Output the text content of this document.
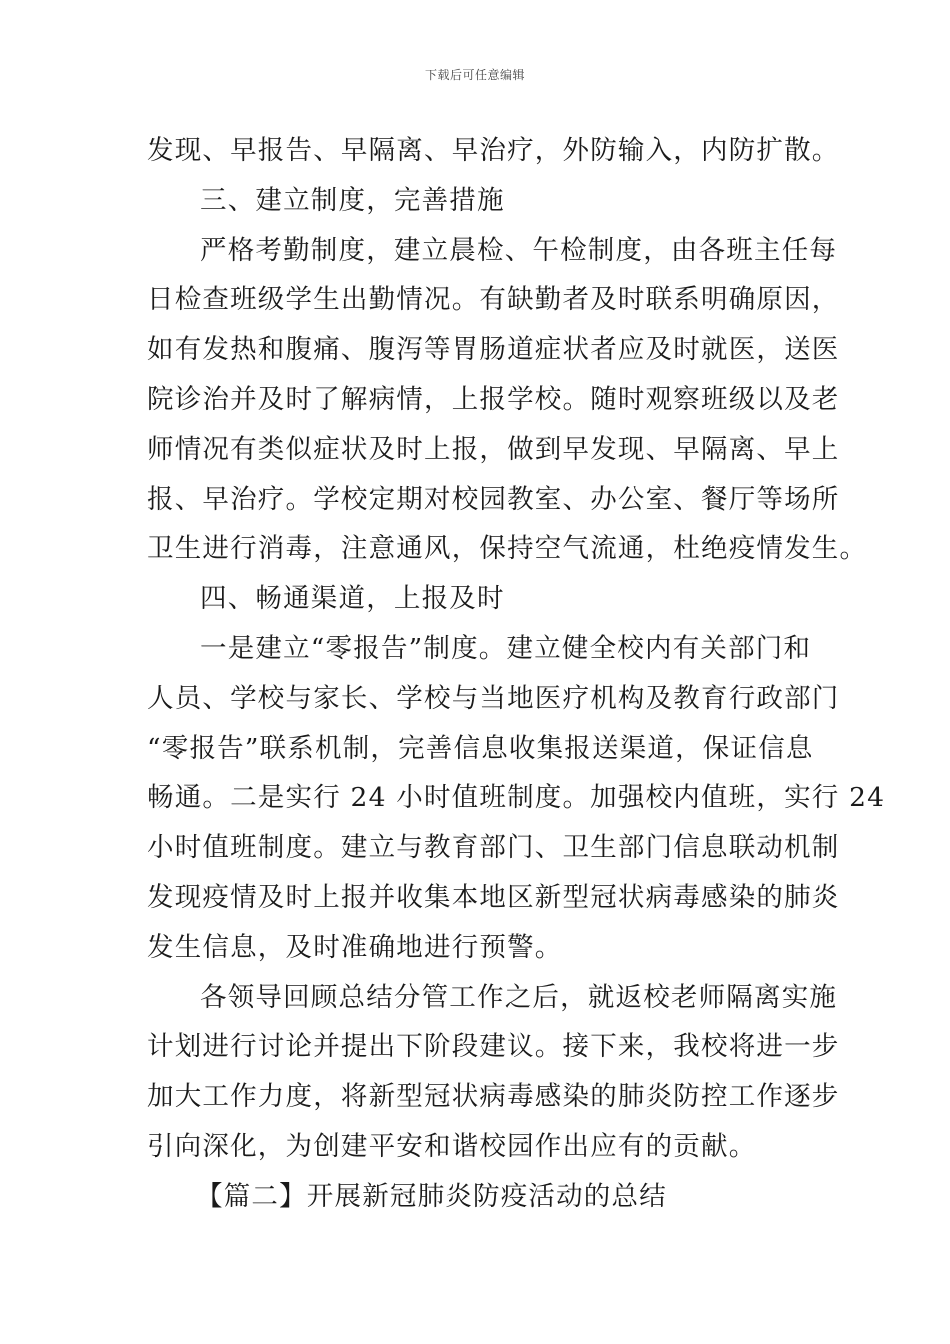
下载后可任意编辑
发现、早报告、早隔离、早治疗，外防输入，内防扩散。
三、建立制度，完善措施
严格考勤制度，建立晨检、午检制度，由各班主任每
日检查班级学生出勤情况。有缺勤者及时联系明确原因，
如有发热和腹痛、腹泻等胃肠道症状者应及时就医，送医
院诊治并及时了解病情，上报学校。随时观察班级以及老
师情况有类似症状及时上报，做到早发现、早隔离、早上
报、早治疗。学校定期对校园教室、办公室、餐厅等场所
卫生进行消毒，注意通风，保持空气流通，杜绝疫情发生。
四、畅通渠道，上报及时
一是建立“零报告”制度。建立健全校内有关部门和
人员、学校与家长、学校与当地医疗机构及教育行政部门
“零报告”联系机制，完善信息收集报送渠道，保证信息
畅通。二是实行 24 小时值班制度。加强校内值班，实行 24
小时值班制度。建立与教育部门、卫生部门信息联动机制
发现疫情及时上报并收集本地区新型冠状病毒感染的肺炎
发生信息，及时准确地进行预警。
各领导回顾总结分管工作之后，就返校老师隔离实施
计划进行讨论并提出下阶段建议。接下来，我校将进一步
加大工作力度，将新型冠状病毒感染的肺炎防控工作逐步
引向深化，为创建平安和谐校园作出应有的贡献。
【篇二】开展新冠肺炎防疫活动的总结
